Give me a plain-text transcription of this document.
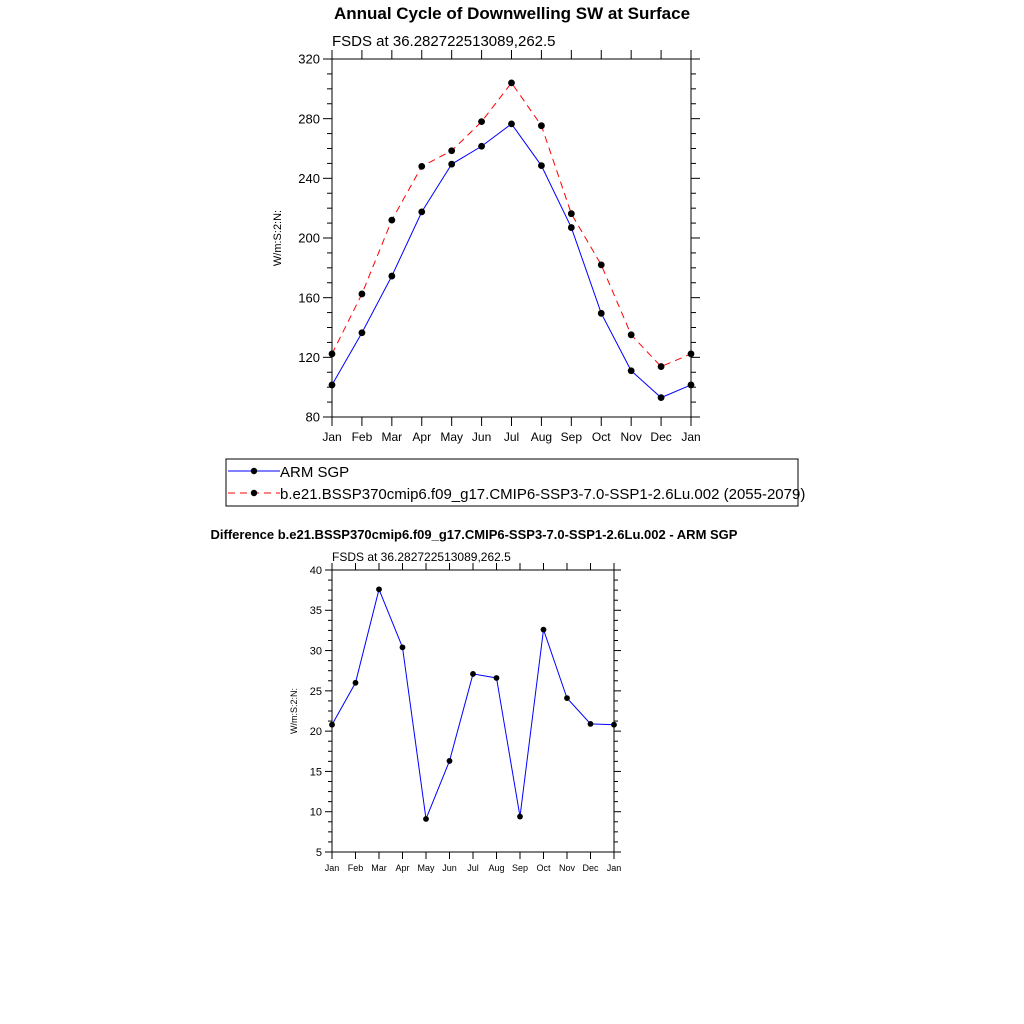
Annual Cycle of Downwelling SW at Surface
FSDS at 36.282722513089,262.5
W/m:S:2:N:
80
120
160
200
240
280
320
Jan Feb Mar Apr May Jun Jul Aug Sep Oct Nov Dec Jan
ARM SGP
b.e21.BSSP370cmip6.f09_g17.CMIP6-SSP3-7.0-SSP1-2.6Lu.002 (2055-2079)
Difference b.e21.BSSP370cmip6.f09_g17.CMIP6-SSP3-7.0-SSP1-2.6Lu.002 - ARM SGP
FSDS at 36.282722513089,262.5
W/m:S:2:N:
5
10
15
20
25
30
35
40
Jan Feb Mar Apr May Jun Jul Aug Sep Oct Nov Dec Jan
